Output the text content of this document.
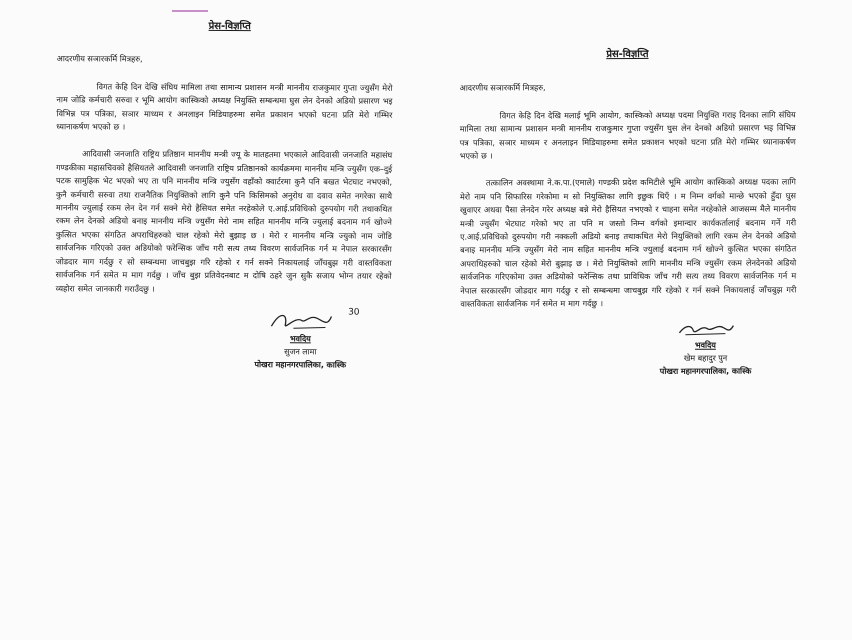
प्रेस-विज्ञप्ति
आदरणीय सञारकर्मि मित्रहरु,

विगत केहि दिन देखि संघिय मामिला तथा सामान्य प्रशासन मन्त्री माननीय राजकुमार गुप्ता ज्युसँग मेरो नाम जोडि कर्मचारी सरुवा र भूमि आयोग कास्किको अध्यक्ष नियुक्ति सम्बन्धमा घुस लेन देनको अडियो प्रसारण भइ विभिन्न पत्र पत्रिका, सञार माध्यम र अनलाइन मिडियाहरुमा समेत प्रकाशन भएको घटना प्रति मेरो गम्भिर ध्यानाकर्षण भएको छ ।

आदिवासी जनजाति राष्ट्रिय प्रतिष्ठान माननीय मन्त्री ज्यू के मातहतमा भएकाले आदिवासी जनजाति महासंघ गण्डकीका महासचिवको हैसियतले आदिवासी जनजाति राष्ट्रिय प्रतिष्ठानको कार्यक्रममा माननीय मन्त्रि ज्युसँग एक–दुई पटक सामुहिक भेट भएको भए ता पनि माननीय मन्त्रि ज्युसँग वहाँको क्वार्टरमा कुनै पनि बखत भेटघाट नभएको, कुनै कर्मचारी सरुवा तथा राजनैतिक नियुक्तिको लागि कुनै पनि किसिमको अनुरोध वा दवाव समेत नगरेका साथै माननीय ज्युलाई रकम लेन देन गर्न सक्ने मेरो हैसियत समेत नरहेकोले ए.आई.प्रविधिको दुरुपयोग गरी तथाकथित रकम लेन देनको अडियो बनाइ माननीय मन्त्रि ज्युसँग मेरो नाम सहित माननीय मन्त्रि ज्युलाई बदनाम गर्न खोज्ने कुत्सित भएका संगठित अपराधिहरुको चाल रहेको मेरो बुझाइ छ । मेरो र माननीय मन्त्रि ज्युको नाम जोडि सार्वजनिक गरिएको उक्त अडियोको फरेन्सिक जाँच गरी सत्य तथ्य विवरण सार्वजनिक गर्न म नेपाल सरकारसँग जोडदार माग गर्दछु र सो सम्बन्धमा जाचबुझ गरि रहेको र गर्न सक्ने निकायलाई जाँचबुझ गरी वास्तविकता सार्वजनिक गर्न समेत म माग गर्दछु । जाँच बुझ प्रतिवेदनबाट म दोषि ठहरे जुन सुकै सजाय भोग्न तयार रहेको व्यहोरा समेत जानकारी गराउँदछु ।

30
भवदिय
सुजन लामा
पोखरा महानगरपालिका, कास्कि
प्रेस-विज्ञप्ति
आदरणीय सञारकर्मि मित्रहरु,

विगत केहि दिन देखि मलाई भूमि आयोग, कास्किको अध्यक्ष पदमा नियुक्ति गराइ दिनका लागि संघिय मामिला तथा सामान्य प्रशासन मन्त्री माननीय राजकुमार गुप्ता ज्युसँग घुस लेन देनको अडियो प्रसारण भइ विभिन्न पत्र पत्रिका, सञार माध्यम र अनलाइन मिडियाहरुमा समेत प्रकाशन भएको घटना प्रति मेरो गम्भिर ध्यानाकर्षण भएको छ ।

तत्कालिन अवस्थामा ने.क.पा.(एमाले) गण्डकी प्रदेश कमिटीले भूमि आयोग कास्किको अध्यक्ष पदका लागि मेरो नाम पनि सिफारिस गरेकोमा म सो नियुक्तिका लागि इछुक थिएँ । म निम्न वर्गको मान्छे भएको हुँदा घुस खुवाएर अथवा पैसा लेनदेन गरेर अध्यक्ष बन्ने मेरो हैसियत नभएको र चाहना समेत नरहेकोले आजसम्म मैले माननीय मन्त्री ज्युसँग भेटघाट गरेको भए ता पनि म जस्तो निम्न वर्गको इमान्दार कार्यकर्तालाई बदनाम गर्ने गरी ए.आई.प्रविधिको दुरुपयोग गरी नक्कली अडियो बनाइ तथाकथित मेरो नियुक्तिको लागि रकम लेन देनको अडियो बनाइ माननीय मन्त्रि ज्युसँग मेरो नाम सहित माननीय मन्त्रि ज्युलाई बदनाम गर्न खोज्ने कुत्सित भएका संगठित अपराधिहरुको चाल रहेको मेरो बुझाइ छ । मेरो नियुक्तिको लागि माननीय मन्त्रि ज्युसँग रकम लेनदेनको अडियो सार्वजनिक गरिएकोमा उक्त अडियोको फरेन्सिक तथा प्राविधिक जाँच गरी सत्य तथ्य विवरण सार्वजनिक गर्न म नेपाल सरकारसँग जोडदार माग गर्दछु र सो सम्बन्धमा जाचबुझ गरि रहेको र गर्न सक्ने निकायलाई जाँचबुझ गरी वास्तविकता सार्वजनिक गर्न समेत म माग गर्दछु ।

भवदिय
खेम बहादुर पुन
पोखरा महानगरपालिका, कास्कि
